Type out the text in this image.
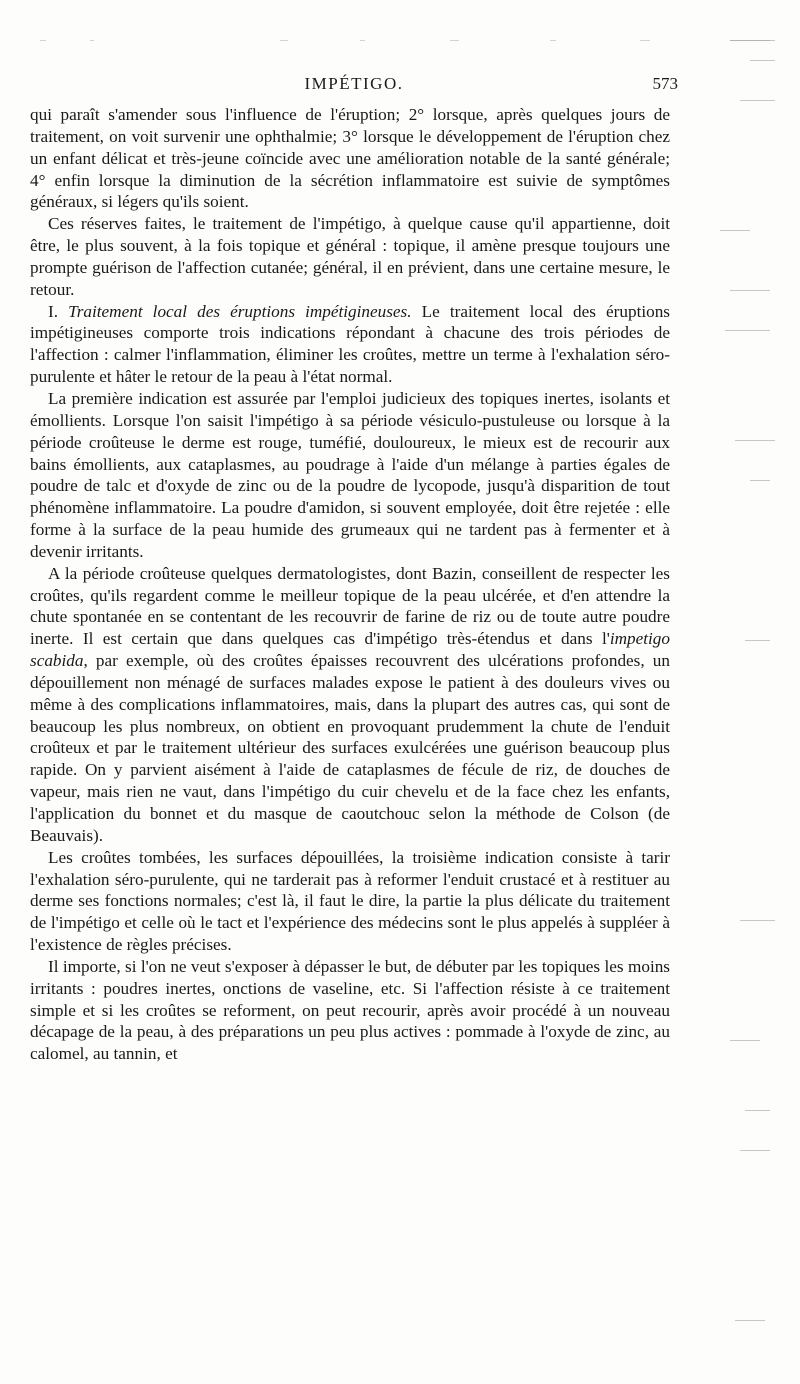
IMPÉTIGO.	573

qui paraît s'amender sous l'influence de l'éruption; 2° lorsque, après quelques jours de traitement, on voit survenir une ophthalmie; 3° lorsque le développement de l'éruption chez un enfant délicat et très-jeune coïncide avec une amélioration notable de la santé générale; 4° enfin lorsque la diminution de la sécrétion inflammatoire est suivie de symptômes généraux, si légers qu'ils soient.

Ces réserves faites, le traitement de l'impétigo, à quelque cause qu'il appartienne, doit être, le plus souvent, à la fois topique et général : topique, il amène presque toujours une prompte guérison de l'affection cutanée; général, il en prévient, dans une certaine mesure, le retour.

I. Traitement local des éruptions impétigineuses. Le traitement local des éruptions impétigineuses comporte trois indications répondant à chacune des trois périodes de l'affection : calmer l'inflammation, éliminer les croûtes, mettre un terme à l'exhalation séro-purulente et hâter le retour de la peau à l'état normal.

La première indication est assurée par l'emploi judicieux des topiques inertes, isolants et émollients. Lorsque l'on saisit l'impétigo à sa période vésiculo-pustuleuse ou lorsque à la période croûteuse le derme est rouge, tuméfié, douloureux, le mieux est de recourir aux bains émollients, aux cataplasmes, au poudrage à l'aide d'un mélange à parties égales de poudre de talc et d'oxyde de zinc ou de la poudre de lycopode, jusqu'à disparition de tout phénomène inflammatoire. La poudre d'amidon, si souvent employée, doit être rejetée : elle forme à la surface de la peau humide des grumeaux qui ne tardent pas à fermenter et à devenir irritants.

A la période croûteuse quelques dermatologistes, dont Bazin, conseillent de respecter les croûtes, qu'ils regardent comme le meilleur topique de la peau ulcérée, et d'en attendre la chute spontanée en se contentant de les recouvrir de farine de riz ou de toute autre poudre inerte. Il est certain que dans quelques cas d'impétigo très-étendus et dans l'impetigo scabida, par exemple, où des croûtes épaisses recouvrent des ulcérations profondes, un dépouillement non ménagé de surfaces malades expose le patient à des douleurs vives ou même à des complications inflammatoires, mais, dans la plupart des autres cas, qui sont de beaucoup les plus nombreux, on obtient en provoquant prudemment la chute de l'enduit croûteux et par le traitement ultérieur des surfaces exulcérées une guérison beaucoup plus rapide. On y parvient aisément à l'aide de cataplasmes de fécule de riz, de douches de vapeur, mais rien ne vaut, dans l'impétigo du cuir chevelu et de la face chez les enfants, l'application du bonnet et du masque de caoutchouc selon la méthode de Colson (de Beauvais).

Les croûtes tombées, les surfaces dépouillées, la troisième indication consiste à tarir l'exhalation séro-purulente, qui ne tarderait pas à reformer l'enduit crustacé et à restituer au derme ses fonctions normales; c'est là, il faut le dire, la partie la plus délicate du traitement de l'impétigo et celle où le tact et l'expérience des médecins sont le plus appelés à suppléer à l'existence de règles précises.

Il importe, si l'on ne veut s'exposer à dépasser le but, de débuter par les topiques les moins irritants : poudres inertes, onctions de vaseline, etc. Si l'affection résiste à ce traitement simple et si les croûtes se reforment, on peut recourir, après avoir procédé à un nouveau décapage de la peau, à des préparations un peu plus actives : pommade à l'oxyde de zinc, au calomel, au tannin, et
